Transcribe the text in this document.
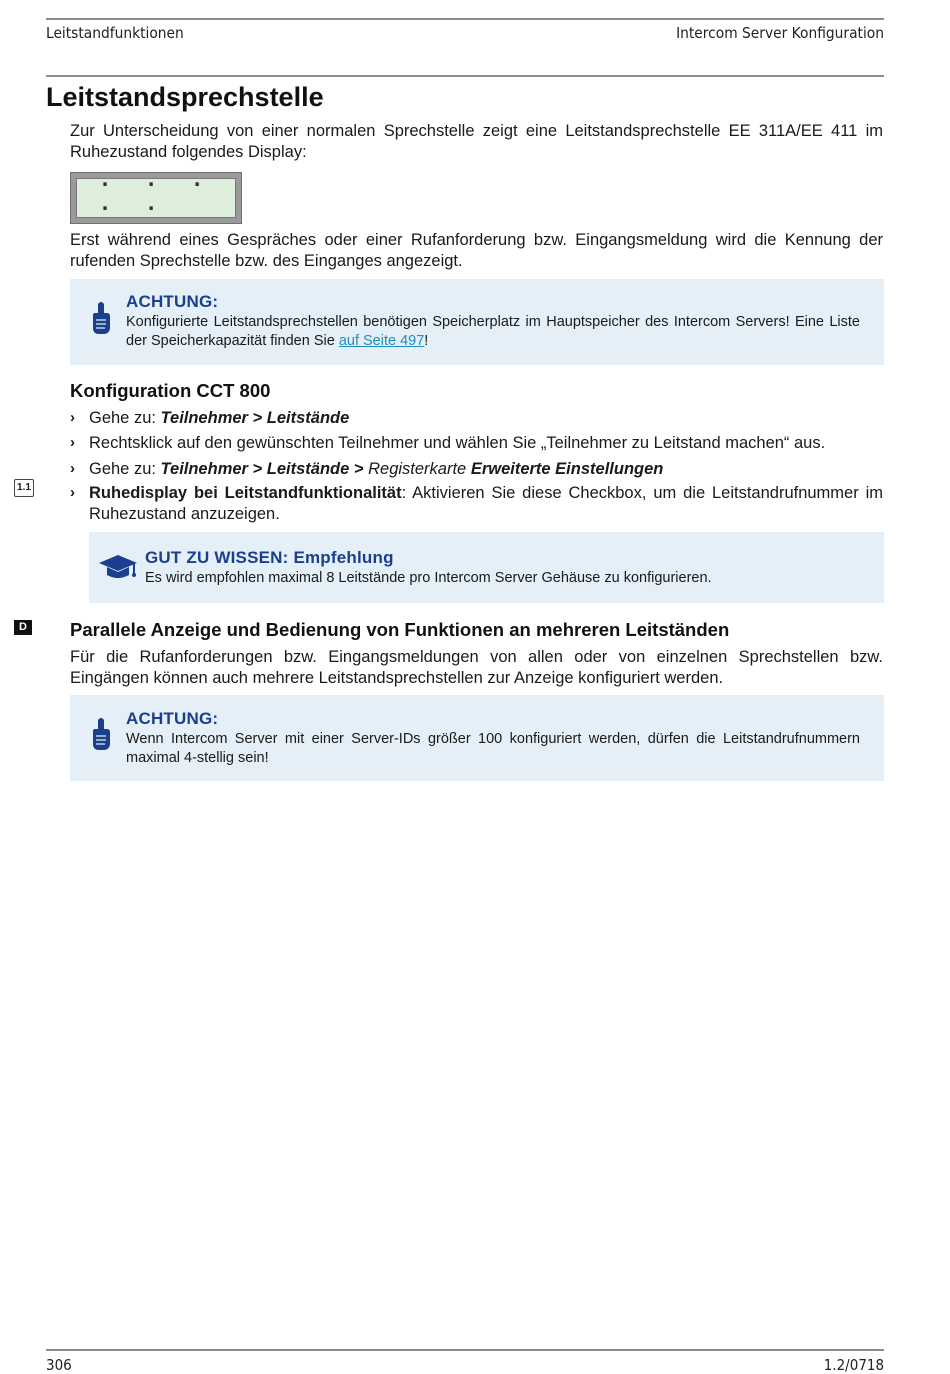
Leitstandfunktionen	Intercom Server Konfiguration
Leitstandsprechstelle

Zur Unterscheidung von einer normalen Sprechstelle zeigt eine Leitstandsprechstelle EE 311A/EE 411 im Ruhezustand folgendes Display:

. . . . .

Erst während eines Gespräches oder einer Rufanforderung bzw. Eingangsmeldung wird die Kennung der rufenden Sprechstelle bzw. des Einganges angezeigt.

ACHTUNG:

Konfigurierte Leitstandsprechstellen benötigen Speicherplatz im Hauptspeicher des Intercom Servers! Eine Liste der Speicherkapazität finden Sie auf Seite 497!

Konfiguration CCT 800
› Gehe zu: Teilnehmer > Leitstände
› Rechtsklick auf den gewünschten Teilnehmer und wählen Sie „Teilnehmer zu Leitstand machen“ aus.
› Gehe zu: Teilnehmer > Leitstände > Registerkarte Erweiterte Einstellungen
› Ruhedisplay bei Leitstandfunktionalität: Aktivieren Sie diese Checkbox, um die Leitstandrufnummer im Ruhezustand anzuzeigen.
1.1

GUT ZU WISSEN: Empfehlung

Es wird empfohlen maximal 8 Leitstände pro Intercom Server Gehäuse zu konfigurieren.

D Parallele Anzeige und Bedienung von Funktionen an mehreren Leitständen

Für die Rufanforderungen bzw. Eingangsmeldungen von allen oder von einzelnen Sprechstellen bzw. Eingängen können auch mehrere Leitstandsprechstellen zur Anzeige konfiguriert werden.

ACHTUNG:

Wenn Intercom Server mit einer Server-IDs größer 100 konfiguriert werden, dürfen die Leitstandrufnummern maximal 4-stellig sein!

306	1.2/0718
